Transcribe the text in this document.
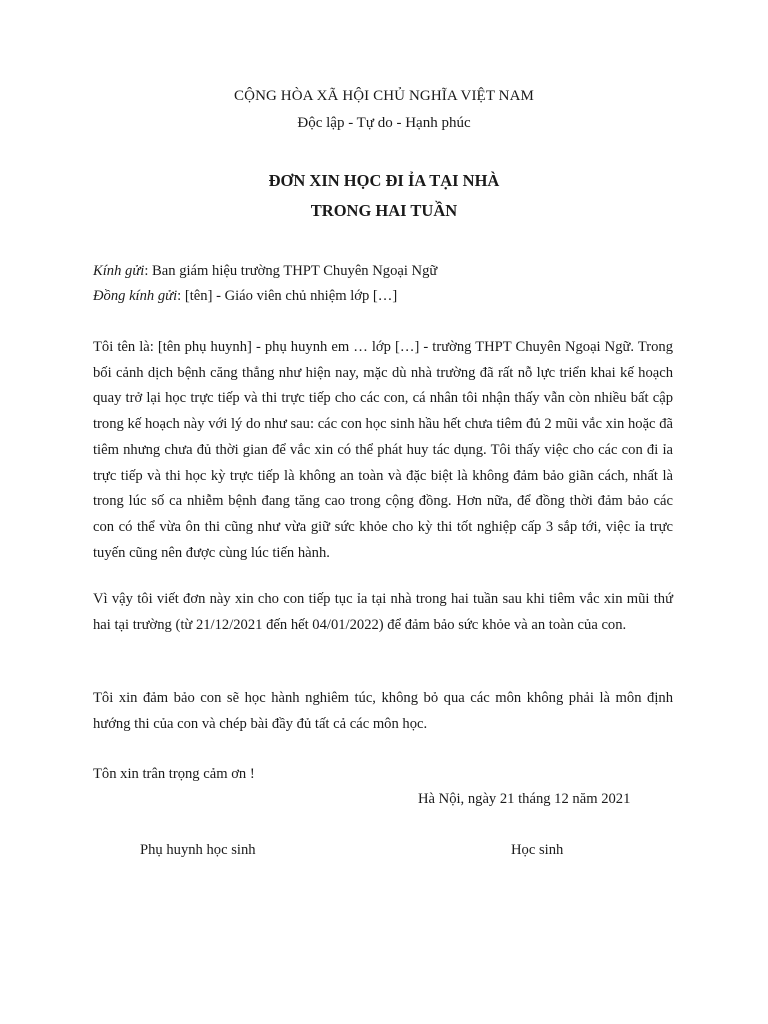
CỘNG HÒA XÃ HỘI CHỦ NGHĨA VIỆT NAM
Độc lập - Tự do - Hạnh phúc
ĐƠN XIN HỌC ĐI ỈA TẠI NHÀ
TRONG HAI TUẦN
Kính gửi: Ban giám hiệu trường THPT Chuyên Ngoại Ngữ
Đồng kính gửi: [tên] - Giáo viên chủ nhiệm lớp […]

Tôi tên là: [tên phụ huynh] - phụ huynh em … lớp […] - trường THPT Chuyên Ngoại Ngữ. Trong bối cảnh dịch bệnh căng thẳng như hiện nay, mặc dù nhà trường đã rất nỗ lực triển khai kế hoạch quay trở lại học trực tiếp và thi trực tiếp cho các con, cá nhân tôi nhận thấy vẫn còn nhiều bất cập trong kế hoạch này với lý do như sau: các con học sinh hầu hết chưa tiêm đủ 2 mũi vắc xin hoặc đã tiêm nhưng chưa đủ thời gian để vắc xin có thể phát huy tác dụng. Tôi thấy việc cho các con đi ỉa trực tiếp và thi học kỳ trực tiếp là không an toàn và đặc biệt là không đảm bảo giãn cách, nhất là trong lúc số ca nhiễm bệnh đang tăng cao trong cộng đồng. Hơn nữa, để đồng thời đảm bảo các con có thể vừa ôn thi cũng như vừa giữ sức khỏe cho kỳ thi tốt nghiệp cấp 3 sắp tới, việc ỉa trực tuyến cũng nên được cùng lúc tiến hành.

Vì vậy tôi viết đơn này xin cho con tiếp tục ỉa tại nhà trong hai tuần sau khi tiêm vắc xin mũi thứ hai tại trường (từ 21/12/2021 đến hết 04/01/2022) để đảm bảo sức khỏe và an toàn của con.

Tôi xin đảm bảo con sẽ học hành nghiêm túc, không bỏ qua các môn không phải là môn định hướng thi của con và chép bài đầy đủ tất cả các môn học.

Tôn xin trân trọng cảm ơn !
Hà Nội, ngày 21 tháng 12 năm 2021
Phụ huynh học sinh	Học sinh
